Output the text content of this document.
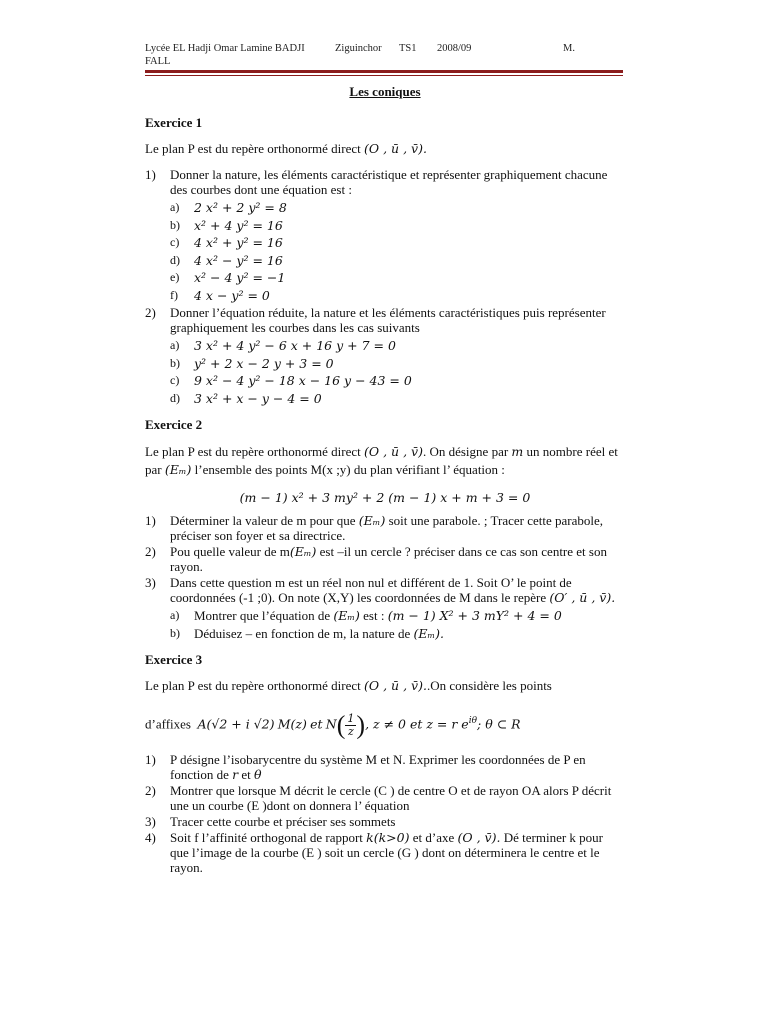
Lycée EL Hadji Omar Lamine BADJI	Ziguinchor	TS1	2008/09	M.
FALL
Les coniques
Exercice 1

Le plan P est du repère orthonormé direct (O , ū , v̄).

1) Donner la nature, les éléments caractéristique et représenter graphiquement chacune des courbes dont une équation est :
a) 2 x² + 2 y² = 8
b) x² + 4 y² = 16
c) 4 x² + y² = 16
d) 4 x² − y² = 16
e) x² − 4 y² = −1
f) 4 x − y² = 0
2) Donner l’équation réduite, la nature et les éléments caractéristiques puis représenter graphiquement les courbes dans les cas suivants
a) 3 x² + 4 y² − 6 x + 16 y + 7 = 0
b) y² + 2 x − 2 y + 3 = 0
c) 9 x² − 4 y² − 18 x − 16 y − 43 = 0
d) 3 x² + x − y − 4 = 0
Exercice 2

Le plan P est du repère orthonormé direct (O , ū , v̄). On désigne par m un nombre réel et par (Eₘ) l’ensemble des points M(x ;y) du plan vérifiant l’ équation :

(m − 1) x² + 3 my² + 2 (m − 1) x + m + 3 = 0
1) Déterminer la valeur de m pour que (Eₘ) soit une parabole. ; Tracer cette parabole, préciser son foyer et sa directrice.
2) Pou quelle valeur de m(Eₘ) est –il un cercle ? préciser dans ce cas son centre et son rayon.
3) Dans cette question m est un réel non nul et différent de 1. Soit O’ le point de coordonnées (-1 ;0). On note (X,Y) les coordonnées de M dans le repère (O′ , ū , v̄).
a) Montrer que l’équation de (Eₘ) est : (m − 1) X² + 3 mY² + 4 = 0
b) Déduisez – en fonction de m, la nature de (Eₘ).
Exercice 3

Le plan P est du repère orthonormé direct (O , ū , v̄)..On considère les points

d’affixes A(√2 + i √2) M(z) et $N( \frac{1}{z}$ ), z ≠ 0 et z = r $e^{i\theta}$; θ ⊂ R
1) P désigne l’isobarycentre du système M et N. Exprimer les coordonnées de P en fonction de r et θ
2) Montrer que lorsque M décrit le cercle (C ) de centre O et de rayon OA alors P décrit une un courbe (E )dont on donnera l’ équation
3) Tracer cette courbe et préciser ses sommets
4) Soit f l’affinité orthogonal de rapport k(k>0) et d’axe (O , v̄). Dé terminer k pour que l’image de la courbe (E ) soit un cercle (G ) dont on déterminera le centre et le rayon.
